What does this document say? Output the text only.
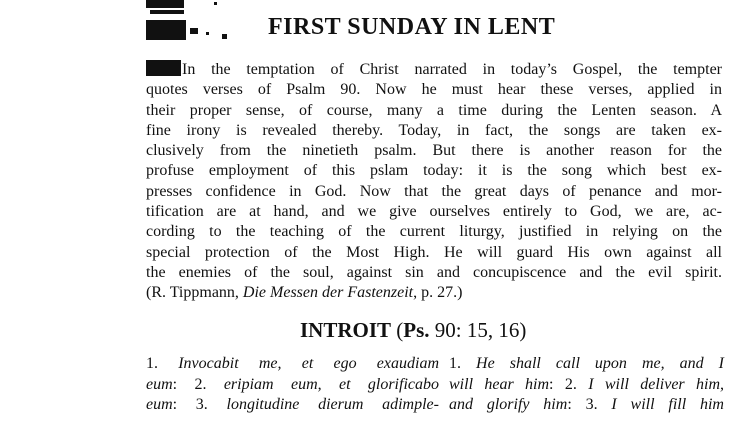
FIRST SUNDAY IN LENT
In the temptation of Christ narrated in today’s Gospel, the tempter
quotes verses of Psalm 90. Now he must hear these verses, applied in
their proper sense, of course, many a time during the Lenten season. A
fine irony is revealed thereby. Today, in fact, the songs are taken ex-
clusively from the ninetieth psalm. But there is another reason for the
profuse employment of this pslam today: it is the song which best ex-
presses confidence in God. Now that the great days of penance and mor-
tification are at hand, and we give ourselves entirely to God, we are, ac-
cording to the teaching of the current liturgy, justified in relying on the
special protection of the Most High. He will guard His own against all
the enemies of the soul, against sin and concupiscence and the evil spirit.
(R. Tippmann, Die Messen der Fastenzeit, p. 27.)
INTROIT (Ps. 90: 15, 16)
1. Invocabit me, et ego exaudiam
eum: 2. eripiam eum, et glorificabo
eum: 3. longitudine dierum adimple-
1. He shall call upon me, and I
will hear him: 2. I will deliver him,
and glorify him: 3. I will fill him
